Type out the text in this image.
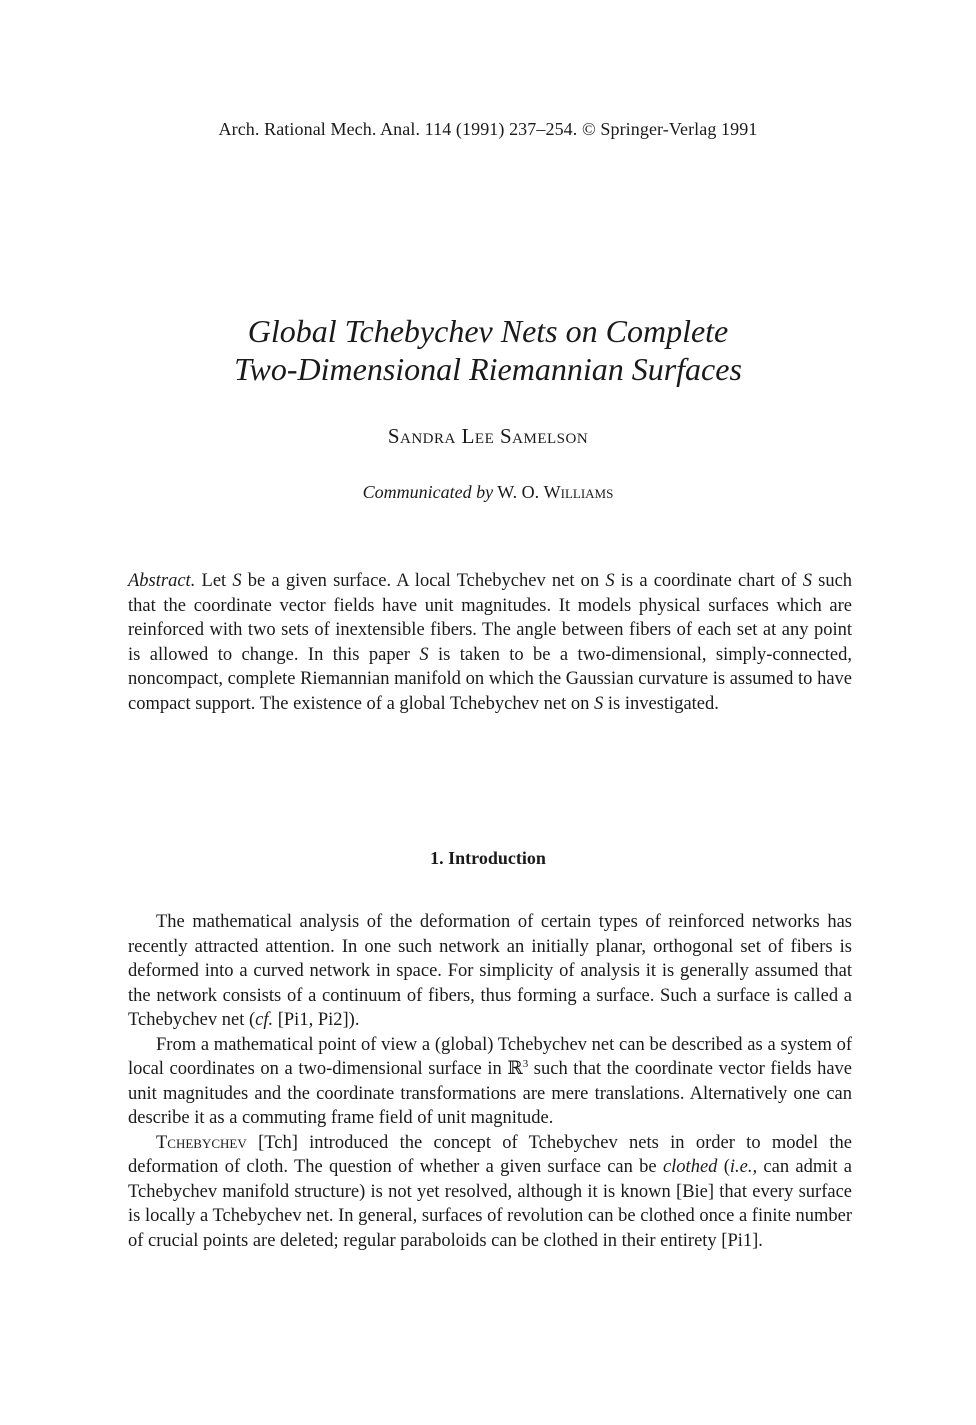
Arch. Rational Mech. Anal. 114 (1991) 237–254. © Springer-Verlag 1991
Global Tchebychev Nets on Complete
Two-Dimensional Riemannian Surfaces
Sandra Lee Samelson
Communicated by W. O. Williams
Abstract. Let S be a given surface. A local Tchebychev net on S is a coordinate chart of S such that the coordinate vector fields have unit magnitudes. It models physical surfaces which are reinforced with two sets of inextensible fibers. The angle between fibers of each set at any point is allowed to change. In this paper S is taken to be a two-dimensional, simply-connected, noncompact, complete Riemannian manifold on which the Gaussian curvature is assumed to have compact support. The existence of a global Tchebychev net on S is investigated.
1. Introduction

The mathematical analysis of the deformation of certain types of reinforced networks has recently attracted attention. In one such network an initially planar, orthogonal set of fibers is deformed into a curved network in space. For simplicity of analysis it is generally assumed that the network consists of a continuum of fibers, thus forming a surface. Such a surface is called a Tchebychev net (cf. [Pi1, Pi2]).

From a mathematical point of view a (global) Tchebychev net can be described as a system of local coordinates on a two-dimensional surface in ℝ$^3$ such that the coordinate vector fields have unit magnitudes and the coordinate transformations are mere translations. Alternatively one can describe it as a commuting frame field of unit magnitude.

Tchebychev [Tch] introduced the concept of Tchebychev nets in order to model the deformation of cloth. The question of whether a given surface can be clothed (i.e., can admit a Tchebychev manifold structure) is not yet resolved, although it is known [Bie] that every surface is locally a Tchebychev net. In general, surfaces of revolution can be clothed once a finite number of crucial points are deleted; regular paraboloids can be clothed in their entirety [Pi1].
